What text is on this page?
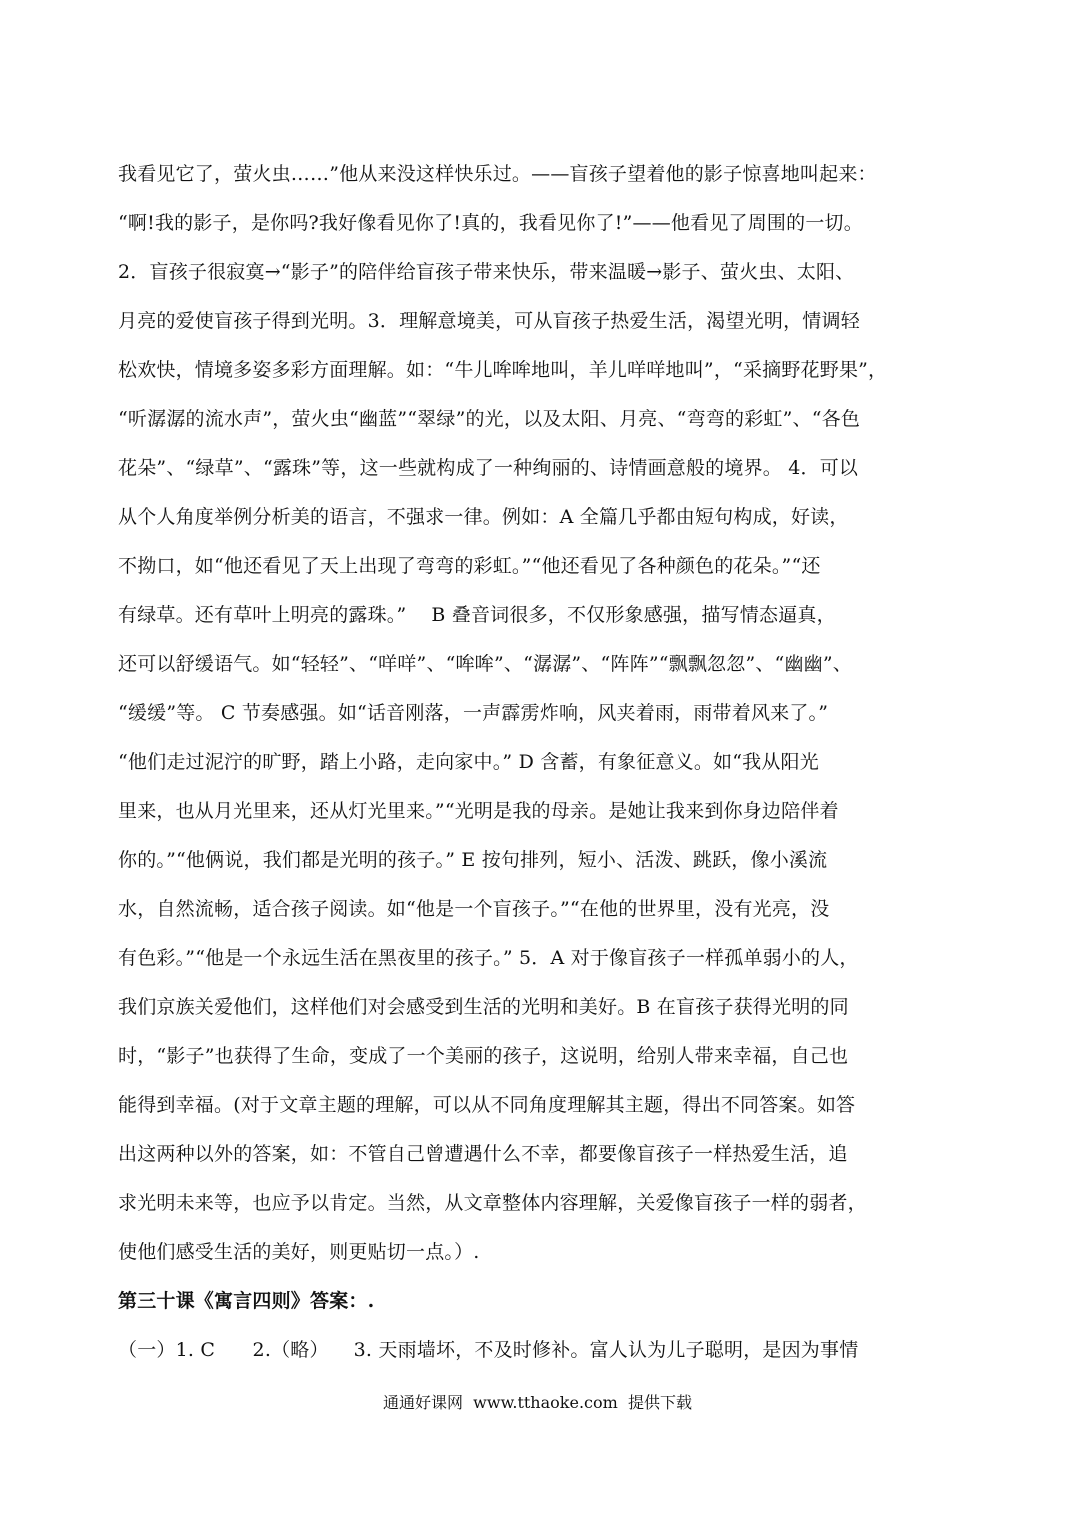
我看见它了，萤火虫……”他从来没这样快乐过。——盲孩子望着他的影子惊喜地叫起来：
“啊!我的影子，是你吗?我好像看见你了!真的，我看见你了!”——他看见了周围的一切。
2．盲孩子很寂寞→“影子”的陪伴给盲孩子带来快乐，带来温暖→影子、萤火虫、太阳、
月亮的爱使盲孩子得到光明。3．理解意境美，可从盲孩子热爱生活，渴望光明，情调轻
松欢快，情境多姿多彩方面理解。如：“牛儿哞哞地叫，羊儿咩咩地叫”，“采摘野花野果”，
“听潺潺的流水声”，萤火虫“幽蓝”“翠绿”的光，以及太阳、月亮、“弯弯的彩虹”、“各色
花朵”、“绿草”、“露珠”等，这一些就构成了一种绚丽的、诗情画意般的境界。 4．可以
从个人角度举例分析美的语言，不强求一律。例如：A 全篇几乎都由短句构成，好读，
不拗口，如“他还看见了天上出现了弯弯的彩虹。”“他还看见了各种颜色的花朵。”“还
有绿草。还有草叶上明亮的露珠。”    B 叠音词很多，不仅形象感强，描写情态逼真，
还可以舒缓语气。如“轻轻”、“咩咩”、“哞哞”、“潺潺”、“阵阵”“飘飘忽忽”、“幽幽”、
“缓缓”等。 C 节奏感强。如“话音刚落，一声霹雳炸响，风夹着雨，雨带着风来了。”
“他们走过泥泞的旷野，踏上小路，走向家中。” D 含蓄，有象征意义。如“我从阳光
里来，也从月光里来，还从灯光里来。”“光明是我的母亲。是她让我来到你身边陪伴着
你的。”“他俩说，我们都是光明的孩子。” E 按句排列，短小、活泼、跳跃，像小溪流
水，自然流畅，适合孩子阅读。如“他是一个盲孩子。”“在他的世界里，没有光亮，没
有色彩。”“他是一个永远生活在黑夜里的孩子。” 5．A 对于像盲孩子一样孤单弱小的人，
我们京族关爱他们，这样他们对会感受到生活的光明和美好。B 在盲孩子获得光明的同
时，“影子”也获得了生命，变成了一个美丽的孩子，这说明，给别人带来幸福，自己也
能得到幸福。(对于文章主题的理解，可以从不同角度理解其主题，得出不同答案。如答
出这两种以外的答案，如：不管自己曾遭遇什么不幸，都要像盲孩子一样热爱生活，追
求光明未来等，也应予以肯定。当然，从文章整体内容理解，关爱像盲孩子一样的弱者，
使他们感受生活的美好，则更贴切一点。）.
第三十课《寓言四则》答案：.
（一）1. C      2.（略）    3. 天雨墙坏，不及时修补。富人认为儿子聪明，是因为事情
通通好课网  www.tthaoke.com  提供下载
